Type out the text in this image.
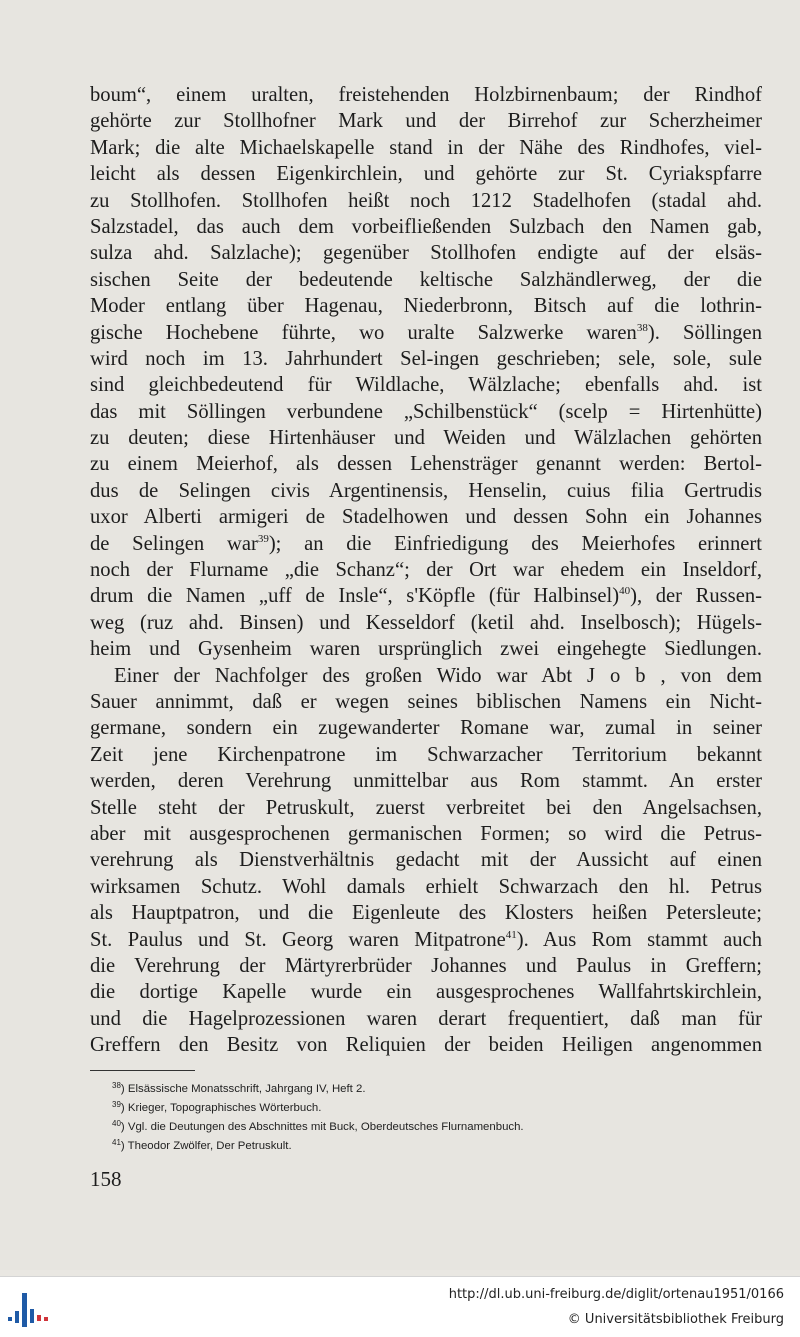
boum“, einem uralten, freistehenden Holzbirnenbaum; der Rindhof
gehörte zur Stollhofner Mark und der Birrehof zur Scherzheimer
Mark; die alte Michaelskapelle stand in der Nähe des Rindhofes, viel-
leicht als dessen Eigenkirchlein, und gehörte zur St. Cyriakspfarre
zu Stollhofen. Stollhofen heißt noch 1212 Stadelhofen (stadal ahd.
Salzstadel, das auch dem vorbeifließenden Sulzbach den Namen gab,
sulza ahd. Salzlache); gegenüber Stollhofen endigte auf der elsäs-
sischen Seite der bedeutende keltische Salzhändlerweg, der die
Moder entlang über Hagenau, Niederbronn, Bitsch auf die lothrin-
gische Hochebene führte, wo uralte Salzwerke waren$^{38}$). Söllingen
wird noch im 13. Jahrhundert Sel-ingen geschrieben; sele, sole, sule
sind gleichbedeutend für Wildlache, Wälzlache; ebenfalls ahd. ist
das mit Söllingen verbundene „Schilbenstück“ (scelp = Hirtenhütte)
zu deuten; diese Hirtenhäuser und Weiden und Wälzlachen gehörten
zu einem Meierhof, als dessen Lehensträger genannt werden: Bertol-
dus de Selingen civis Argentinensis, Henselin, cuius filia Gertrudis
uxor Alberti armigeri de Stadelhowen und dessen Sohn ein Johannes
de Selingen war$^{39}$); an die Einfriedigung des Meierhofes erinnert
noch der Flurname „die Schanz“; der Ort war ehedem ein Inseldorf,
drum die Namen „uff de Insle“, s'Köpfle (für Halbinsel)$^{40}$), der Russen-
weg (ruz ahd. Binsen) und Kesseldorf (ketil ahd. Inselbosch); Hügels-
heim und Gysenheim waren ursprünglich zwei eingehegte Siedlungen.
Einer der Nachfolger des großen Wido war Abt J o b , von dem
Sauer annimmt, daß er wegen seines biblischen Namens ein Nicht-
germane, sondern ein zugewanderter Romane war, zumal in seiner
Zeit jene Kirchenpatrone im Schwarzacher Territorium bekannt
werden, deren Verehrung unmittelbar aus Rom stammt. An erster
Stelle steht der Petruskult, zuerst verbreitet bei den Angelsachsen,
aber mit ausgesprochenen germanischen Formen; so wird die Petrus-
verehrung als Dienstverhältnis gedacht mit der Aussicht auf einen
wirksamen Schutz. Wohl damals erhielt Schwarzach den hl. Petrus
als Hauptpatron, und die Eigenleute des Klosters heißen Petersleute;
St. Paulus und St. Georg waren Mitpatrone$^{41}$). Aus Rom stammt auch
die Verehrung der Märtyrerbrüder Johannes und Paulus in Greffern;
die dortige Kapelle wurde ein ausgesprochenes Wallfahrtskirchlein,
und die Hagelprozessionen waren derart frequentiert, daß man für
Greffern den Besitz von Reliquien der beiden Heiligen angenommen
$^{38}$) Elsässische Monatsschrift, Jahrgang IV, Heft 2.
$^{39}$) Krieger, Topographisches Wörterbuch.
$^{40}$) Vgl. die Deutungen des Abschnittes mit Buck, Oberdeutsches Flurnamenbuch.
$^{41}$) Theodor Zwölfer, Der Petruskult.
158
http://dl.ub.uni-freiburg.de/diglit/ortenau1951/0166
© Universitätsbibliothek Freiburg
